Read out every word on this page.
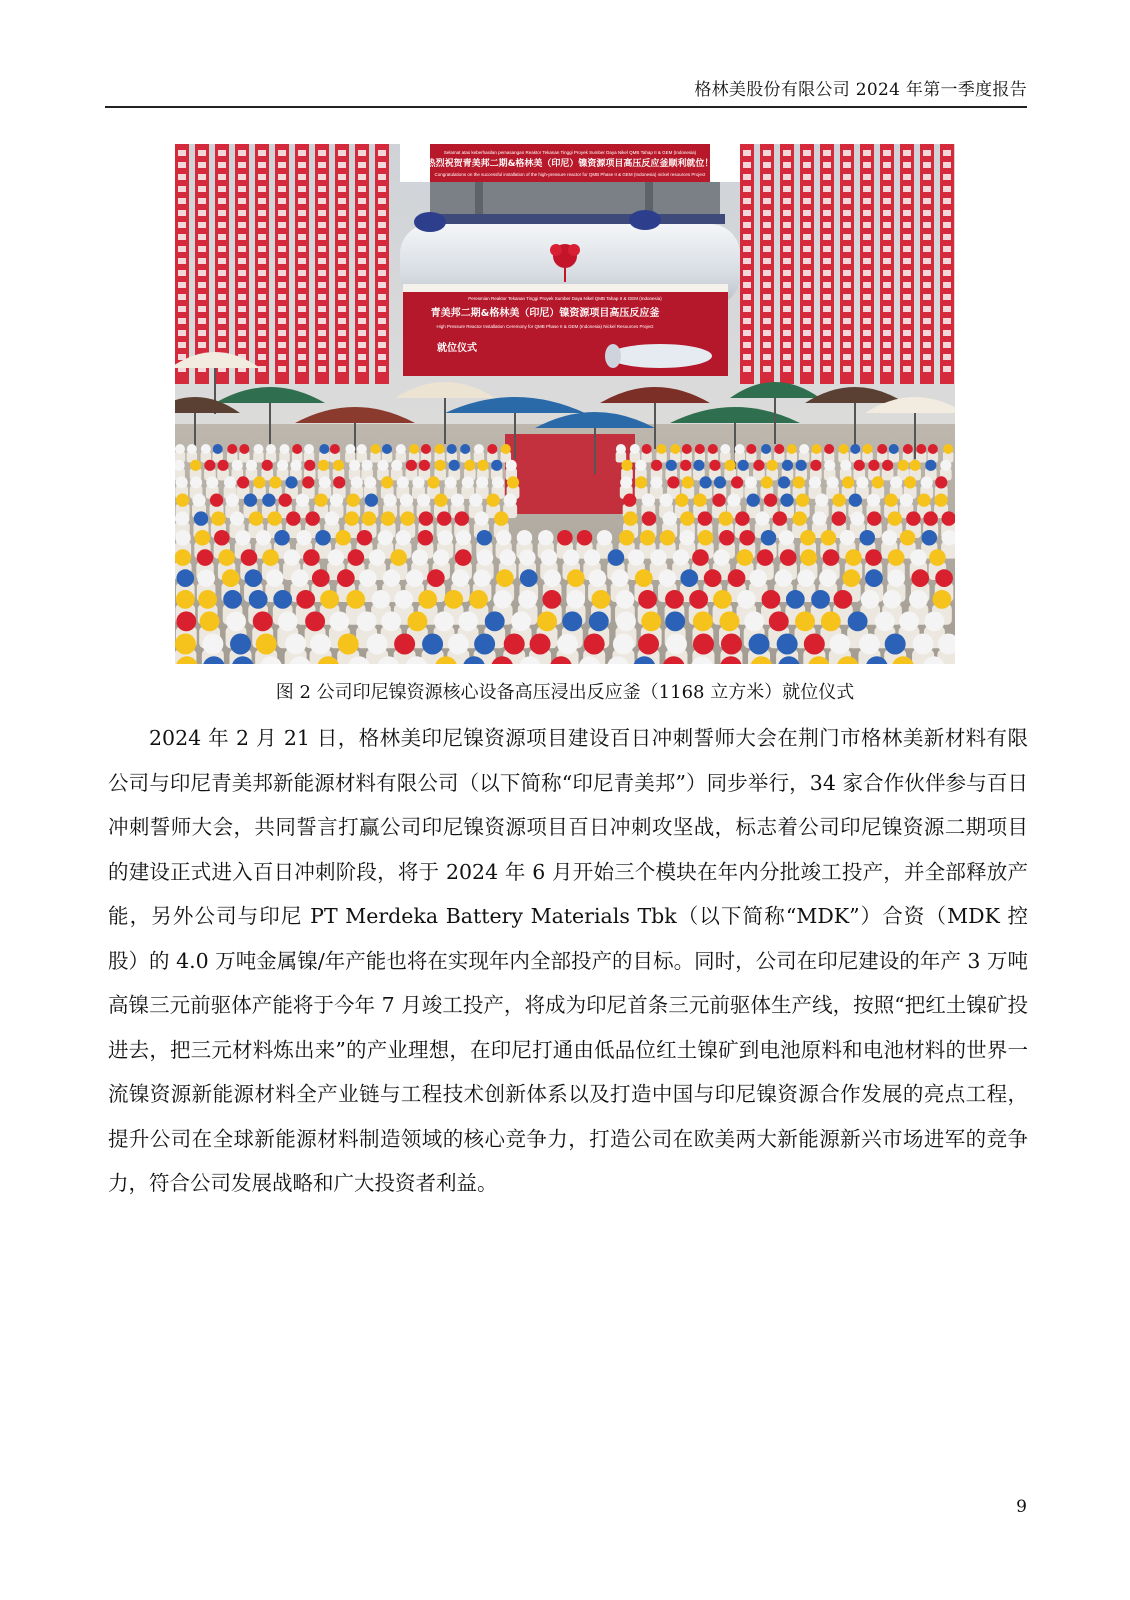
格林美股份有限公司 2024 年第一季度报告
Selamat atas keberhasilan pemasangan Reaktor Tekanan Tinggi Proyek Sumber Daya Nikel QMB Tahap II & GEM (Indonesia)
热烈祝贺青美邦二期&格林美（印尼）镍资源项目高压反应釜顺利就位！
Congratulations on the successful installation of the high-pressure reactor for QMB Phase II & GEM (Indonesia) nickel resources Project
Peresmian Reaktor Tekanan Tinggi Proyek Sumber Daya Nikel QMB Tahap II & GEM (Indonesia)
青美邦二期&格林美（印尼）镍资源项目高压反应釜
High Pressure Reactor Installation Ceremony for QMB Phase II & GEM (Indonesia) Nickel Resources Project
就位仪式
图 2 公司印尼镍资源核心设备高压浸出反应釜（1168 立方米）就位仪式

2024 年 2 月 21 日，格林美印尼镍资源项目建设百日冲刺誓师大会在荆门市格林美新材料有限公司与印尼青美邦新能源材料有限公司（以下简称“印尼青美邦”）同步举行，34 家合作伙伴参与百日冲刺誓师大会，共同誓言打赢公司印尼镍资源项目百日冲刺攻坚战，标志着公司印尼镍资源二期项目的建设正式进入百日冲刺阶段，将于 2024 年 6 月开始三个模块在年内分批竣工投产，并全部释放产能，另外公司与印尼 PT Merdeka Battery Materials Tbk（以下简称“MDK”）合资（MDK 控股）的 4.0 万吨金属镍/年产能也将在实现年内全部投产的目标。同时，公司在印尼建设的年产 3 万吨高镍三元前驱体产能将于今年 7 月竣工投产，将成为印尼首条三元前驱体生产线，按照“把红土镍矿投进去，把三元材料炼出来”的产业理想，在印尼打通由低品位红土镍矿到电池原料和电池材料的世界一流镍资源新能源材料全产业链与工程技术创新体系以及打造中国与印尼镍资源合作发展的亮点工程，提升公司在全球新能源材料制造领域的核心竞争力，打造公司在欧美两大新能源新兴市场进军的竞争力，符合公司发展战略和广大投资者利益。

9
